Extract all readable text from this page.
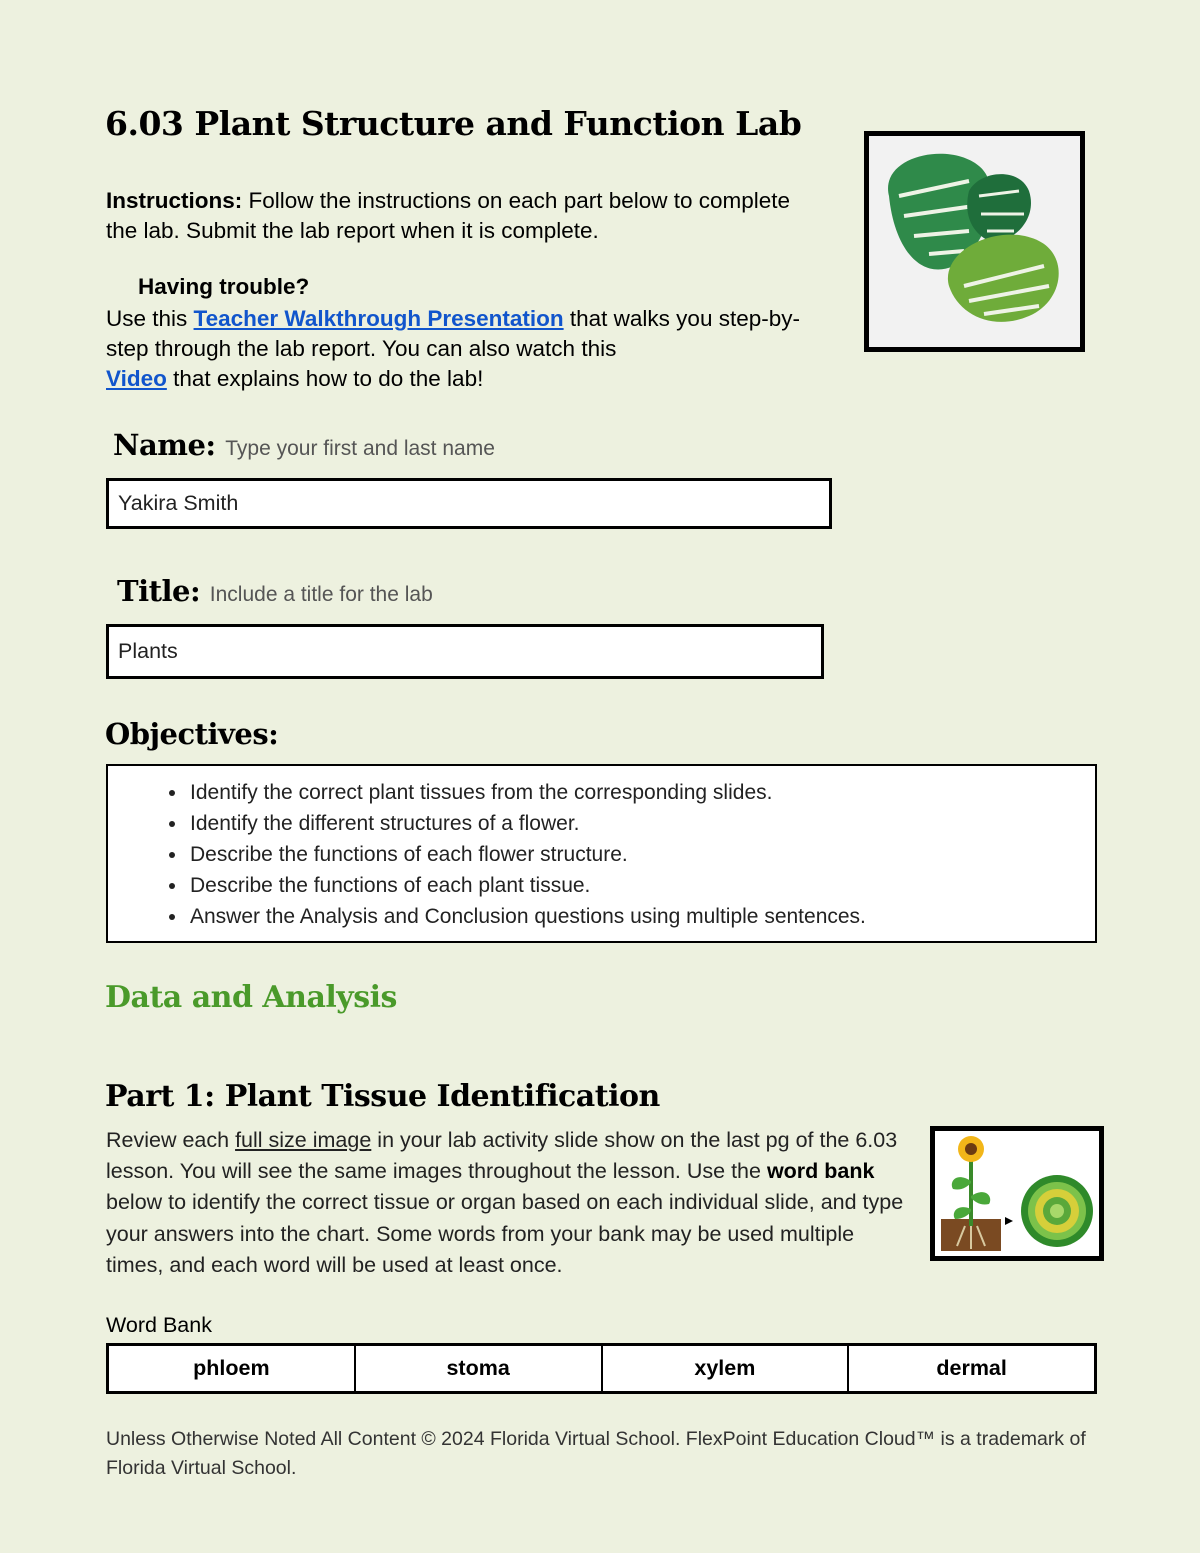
6.03 Plant Structure and Function Lab
Instructions: Follow the instructions on each part below to complete the lab. Submit the lab report when it is complete.
Having trouble?
Use this Teacher Walkthrough Presentation that walks you step-by-step through the lab report. You can also watch this
Video that explains how to do the lab!
Name: Type your first and last name
Yakira Smith
Title: Include a title for the lab
Plants
Objectives:
• Identify the correct plant tissues from the corresponding slides.
• Identify the different structures of a flower.
• Describe the functions of each flower structure.
• Describe the functions of each plant tissue.
• Answer the Analysis and Conclusion questions using multiple sentences.
Data and Analysis
Part 1: Plant Tissue Identification
Review each full size image in your lab activity slide show on the last pg of the 6.03 lesson. You will see the same images throughout the lesson. Use the word bank below to identify the correct tissue or organ based on each individual slide, and type your answers into the chart. Some words from your bank may be used multiple times, and each word will be used at least once.
Word Bank
phloem	stoma	xylem	dermal
Unless Otherwise Noted All Content © 2024 Florida Virtual School. FlexPoint Education Cloud™ is a trademark of Florida Virtual School.
